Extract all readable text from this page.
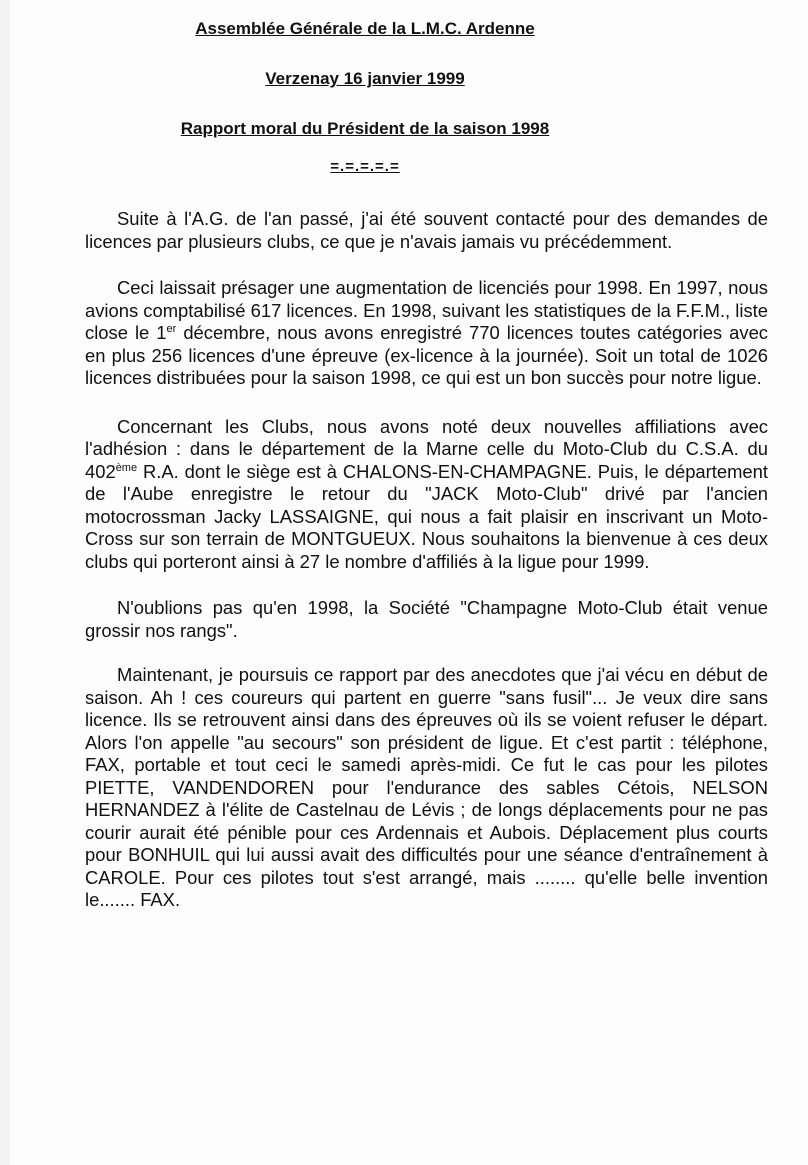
Assemblée Générale de la L.M.C. Ardenne

Verzenay 16 janvier 1999

Rapport moral du Président de la saison 1998

=.=.=.=.=

Suite à l'A.G. de l'an passé, j'ai été souvent contacté pour des demandes de licences par plusieurs clubs, ce que je n'avais jamais vu précédemment.

Ceci laissait présager une augmentation de licenciés pour 1998. En 1997, nous avions comptabilisé 617 licences. En 1998, suivant les statistiques de la F.F.M., liste close le 1er décembre, nous avons enregistré 770 licences toutes catégories avec en plus 256 licences d'une épreuve (ex-licence à la journée). Soit un total de 1026 licences distribuées pour la saison 1998, ce qui est un bon succès pour notre ligue.

Concernant les Clubs, nous avons noté deux nouvelles affiliations avec l'adhésion : dans le département de la Marne celle du Moto-Club du C.S.A. du 402ème R.A. dont le siège est à CHALONS-EN-CHAMPAGNE. Puis, le département de l'Aube enregistre le retour du "JACK Moto-Club" drivé par l'ancien motocrossman Jacky LASSAIGNE, qui nous a fait plaisir en inscrivant un Moto-Cross sur son terrain de MONTGUEUX. Nous souhaitons la bienvenue à ces deux clubs qui porteront ainsi à 27 le nombre d'affiliés à la ligue pour 1999.

N'oublions pas qu'en 1998, la Société "Champagne Moto-Club était venue grossir nos rangs".

Maintenant, je poursuis ce rapport par des anecdotes que j'ai vécu en début de saison. Ah ! ces coureurs qui partent en guerre "sans fusil"... Je veux dire sans licence. Ils se retrouvent ainsi dans des épreuves où ils se voient refuser le départ. Alors l'on appelle "au secours" son président de ligue. Et c'est partit : téléphone, FAX, portable et tout ceci le samedi après-midi. Ce fut le cas pour les pilotes PIETTE, VANDENDOREN pour l'endurance des sables Cétois, NELSON HERNANDEZ à l'élite de Castelnau de Lévis ; de longs déplacements pour ne pas courir aurait été pénible pour ces Ardennais et Aubois. Déplacement plus courts pour BONHUIL qui lui aussi avait des difficultés pour une séance d'entraînement à CAROLE. Pour ces pilotes tout s'est arrangé, mais ........ qu'elle belle invention le....... FAX.
